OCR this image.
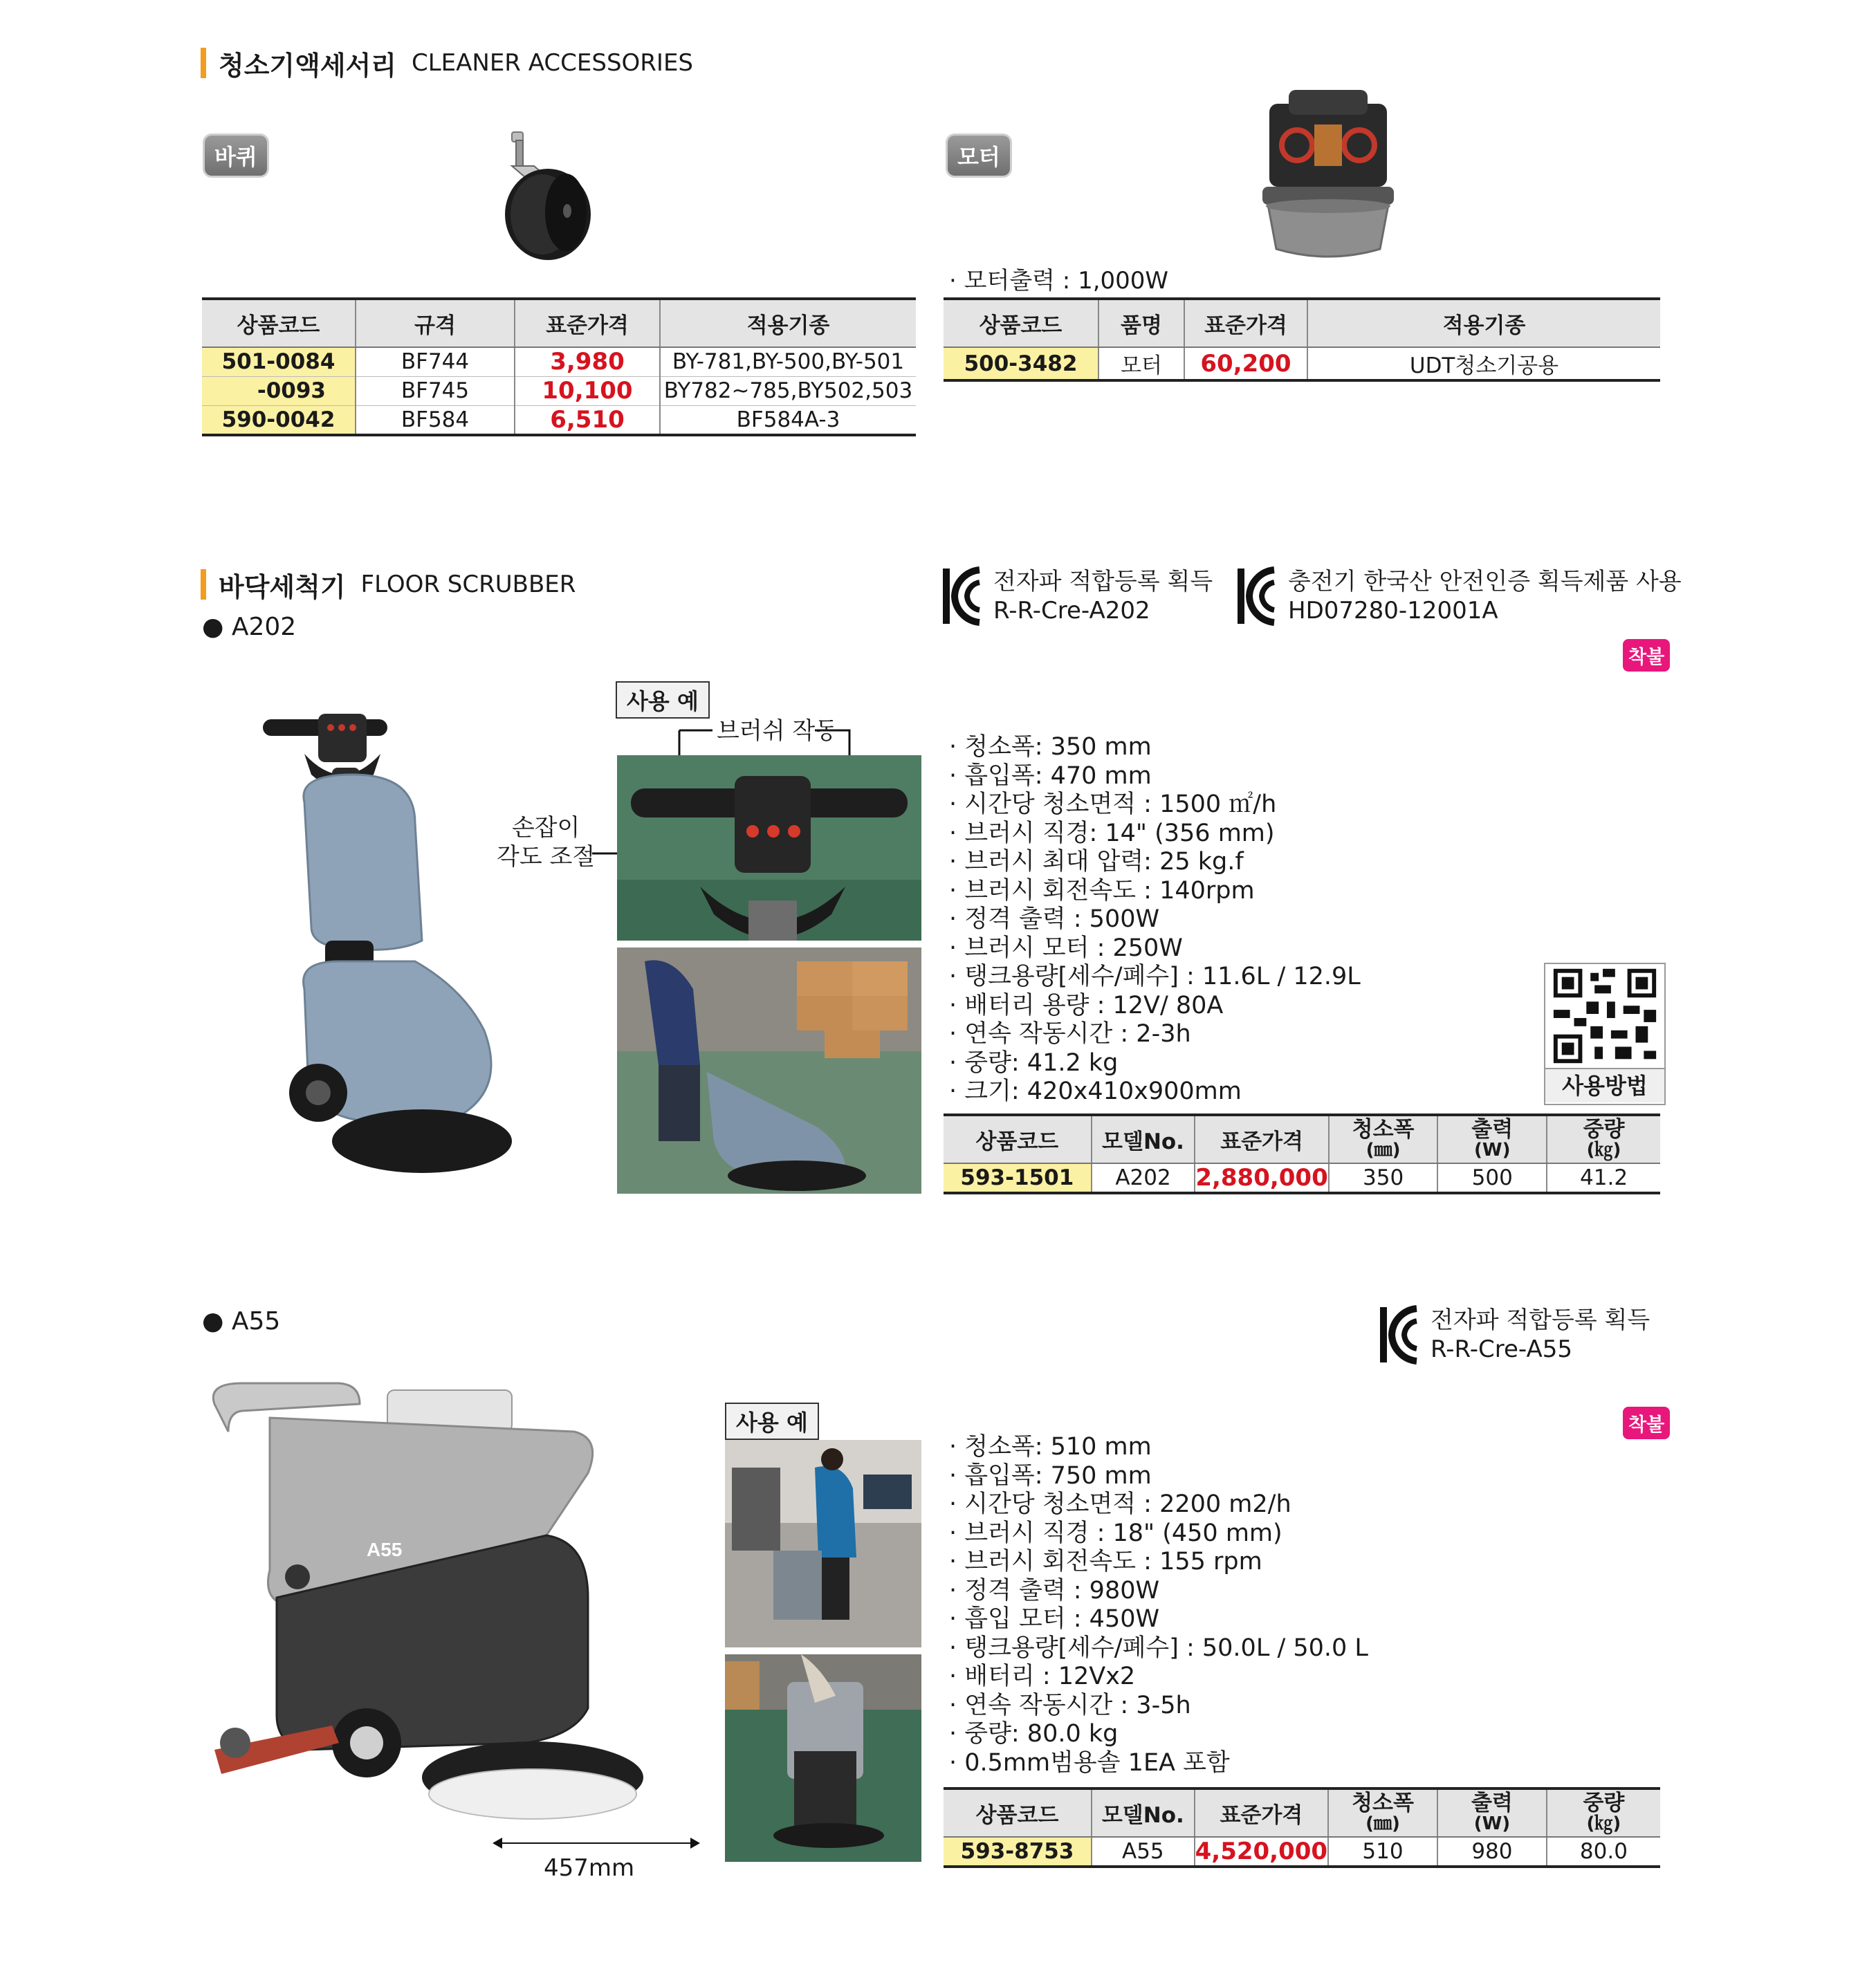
청소기액세서리 CLEANER ACCESSORIES
바퀴
상품코드	규격	표준가격	적용기종
501-0084	BF744	3,980	BY-781,BY-500,BY-501
-0093	BF745	10,100	BY782~785,BY502,503
590-0042	BF584	6,510	BF584A-3
모터
· 모터출력 : 1,000W
상품코드	품명	표준가격	적용기종
500-3482	모터	60,200	UDT청소기공용
바닥세척기 FLOOR SCRUBBER
● A202
전자파 적합등록 획득
R-R-Cre-A202
충전기 한국산 안전인증 획득제품 사용
HD07280-12001A
착불
손잡이
각도 조절
사용 예
브러쉬 작동
· 청소폭: 350 mm
· 흡입폭: 470 mm
· 시간당 청소면적 : 1500 ㎡/h
· 브러시 직경: 14" (356 mm)
· 브러시 최대 압력: 25 kg.f
· 브러시 회전속도 : 140rpm
· 정격 출력 : 500W
· 브러시 모터 : 250W
· 탱크용량[세수/폐수] : 11.6L / 12.9L
· 배터리 용량 : 12V/ 80A
· 연속 작동시간 : 2-3h
· 중량: 41.2 kg
· 크기: 420x410x900mm	사용방법
상품코드	모델No.	표준가격	청소폭
(㎜)	출력
(W)	중량
(㎏)

593-1501	A202	2,880,000	350	500	41.2
● A55	전자파 적합등록 획득
R-R-Cre-A55
착불
A55
457mm
사용 예
· 청소폭: 510 mm
· 흡입폭: 750 mm
· 시간당 청소면적 : 2200 m2/h
· 브러시 직경 : 18" (450 mm)
· 브러시 회전속도 : 155 rpm
· 정격 출력 : 980W
· 흡입 모터 : 450W
· 탱크용량[세수/폐수] : 50.0L / 50.0 L
· 배터리 : 12Vx2
· 연속 작동시간 : 3-5h
· 중량: 80.0 kg
· 0.5mm범용솔 1EA 포함
상품코드	모델No.	표준가격	청소폭
(㎜)	출력
(W)	중량
(㎏)

593-8753	A55	4,520,000	510	980	80.0
